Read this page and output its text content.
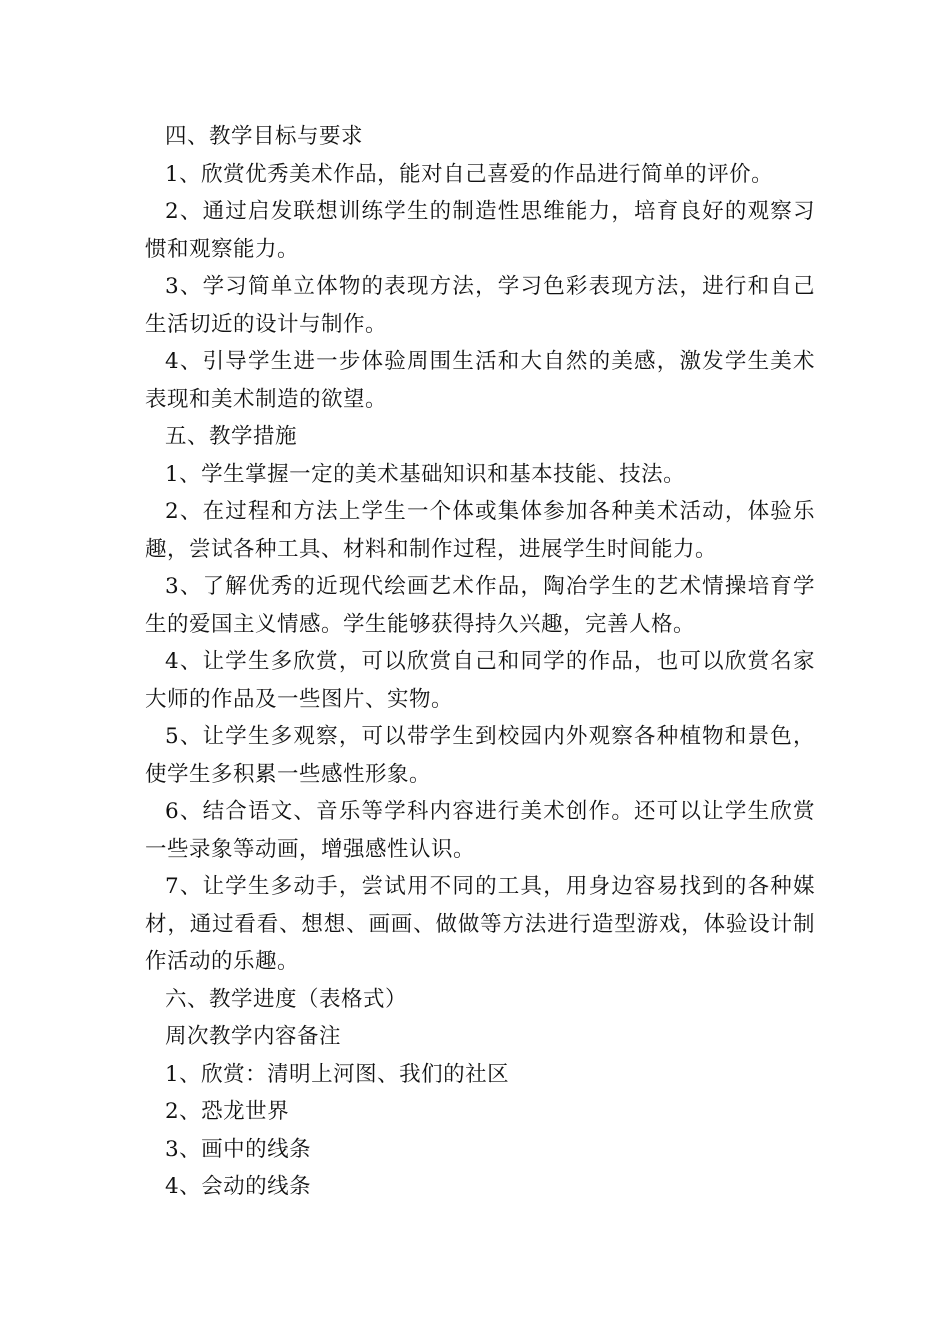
四、教学目标与要求

1、欣赏优秀美术作品，能对自己喜爱的作品进行简单的评价。

2、通过启发联想训练学生的制造性思维能力，培育良好的观察习惯和观察能力。

3、学习简单立体物的表现方法，学习色彩表现方法，进行和自己生活切近的设计与制作。

4、引导学生进一步体验周围生活和大自然的美感，激发学生美术表现和美术制造的欲望。

五、教学措施

1、学生掌握一定的美术基础知识和基本技能、技法。

2、在过程和方法上学生一个体或集体参加各种美术活动，体验乐趣，尝试各种工具、材料和制作过程，进展学生时间能力。

3、了解优秀的近现代绘画艺术作品，陶冶学生的艺术情操培育学生的爱国主义情感。学生能够获得持久兴趣，完善人格。

4、让学生多欣赏，可以欣赏自己和同学的作品，也可以欣赏名家大师的作品及一些图片、实物。

5、让学生多观察，可以带学生到校园内外观察各种植物和景色，使学生多积累一些感性形象。

6、结合语文、音乐等学科内容进行美术创作。还可以让学生欣赏一些录象等动画，增强感性认识。

7、让学生多动手，尝试用不同的工具，用身边容易找到的各种媒材，通过看看、想想、画画、做做等方法进行造型游戏，体验设计制作活动的乐趣。

六、教学进度（表格式）

周次教学内容备注

1、欣赏：清明上河图、我们的社区

2、恐龙世界

3、画中的线条

4、会动的线条
